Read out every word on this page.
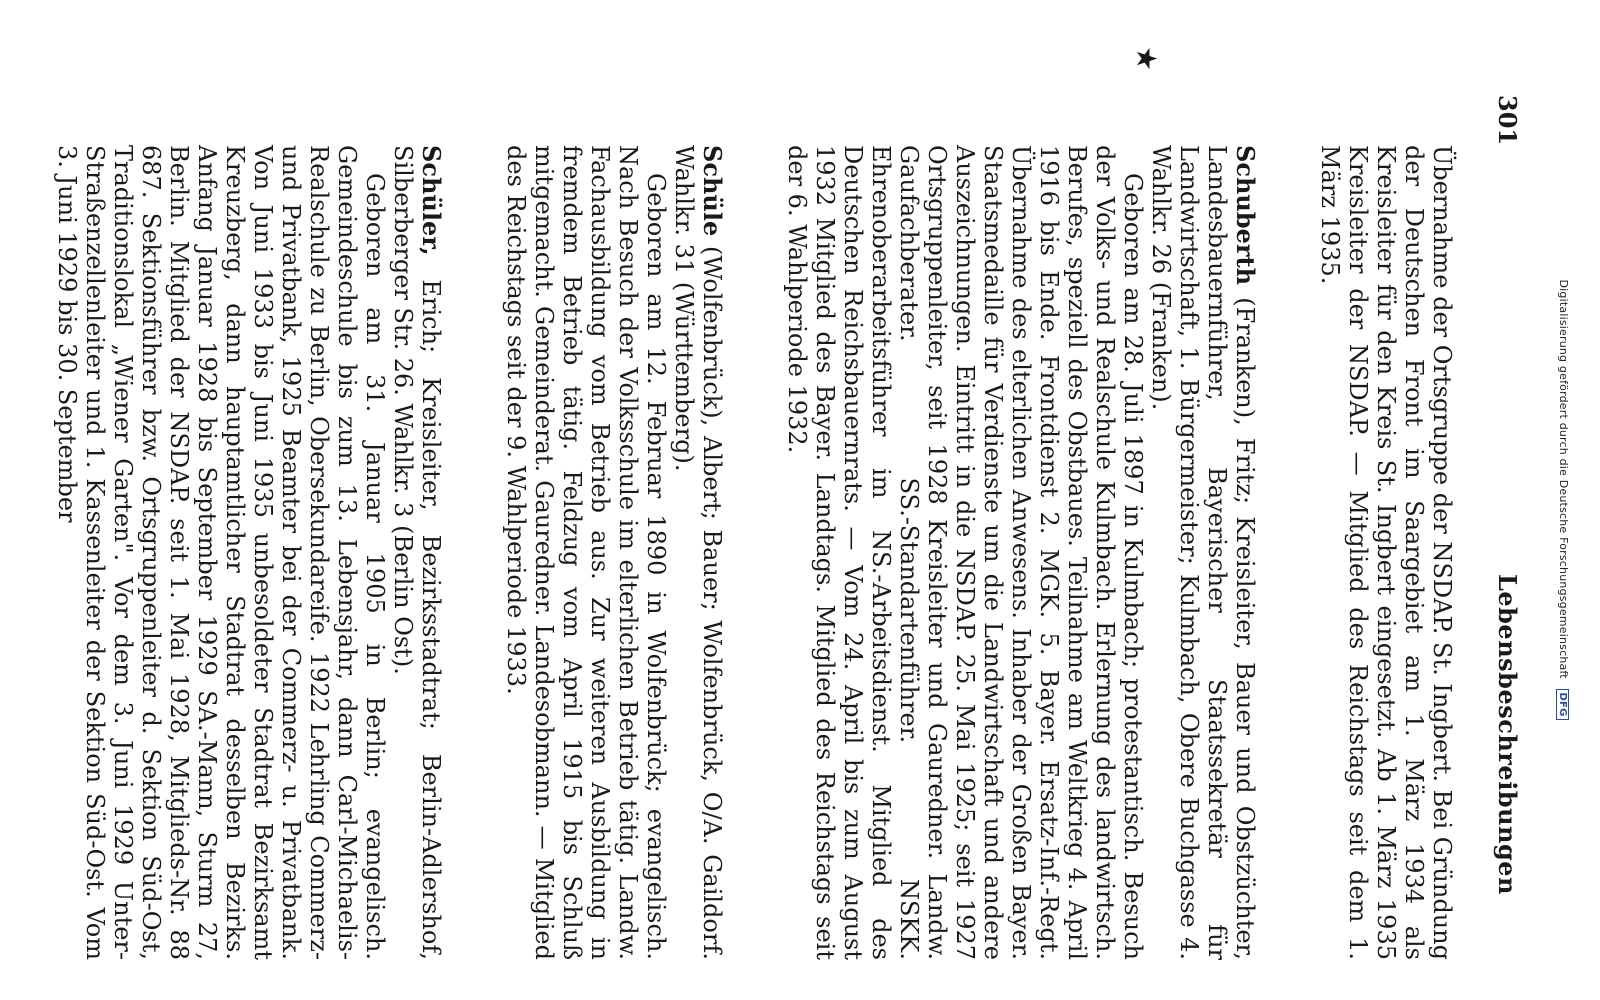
Digitalisierung gefördert durch die Deutsche Forschungsgemeinschaft DFG
301
Lebensbeschreibungen
★

Übernahme der Ortsgruppe der NSDAP. St. Ingbert. Bei Gründung der Deutschen Front im Saargebiet am 1. März 1934 als Kreisleiter für den Kreis St. Ingbert eingesetzt. Ab 1. März 1935 Kreisleiter der NSDAP. — Mitglied des Reichstags seit dem 1. März 1935.

Schuberth (Franken), Fritz; Kreisleiter, Bauer und Obstzüchter, Landesbauernführer, Bayerischer Staatssekretär für Landwirtschaft, 1. Bürgermeister; Kulmbach, Obere Buchgasse 4. Wahlkr. 26 (Franken).

Geboren am 28. Juli 1897 in Kulmbach; protestantisch. Besuch der Volks- und Realschule Kulmbach. Erlernung des landwirtsch. Berufes, speziell des Obstbaues. Teilnahme am Weltkrieg 4. April 1916 bis Ende. Frontdienst 2. MGK. 5. Bayer. Ersatz-Inf.-Regt. Übernahme des elterlichen Anwesens. Inhaber der Großen Bayer. Staatsmedaille für Verdienste um die Landwirtschaft und andere Auszeichnungen. Eintritt in die NSDAP. 25. Mai 1925; seit 1927 Ortsgruppenleiter, seit 1928 Kreisleiter und Gauredner. Landw. Gaufachberater. SS.-Standartenführer. NSKK. Ehrenoberarbeitsführer im NS.-Arbeitsdienst. Mitglied des Deutschen Reichsbauernrats. — Vom 24. April bis zum August 1932 Mitglied des Bayer. Landtags. Mitglied des Reichstags seit der 6. Wahlperiode 1932.

Schüle (Wolfenbrück), Albert; Bauer; Wolfenbrück, O/A. Gaildorf. Wahlkr. 31 (Württemberg).

Geboren am 12. Februar 1890 in Wolfenbrück; evangelisch. Nach Besuch der Volksschule im elterlichen Betrieb tätig. Landw. Fachausbildung vom Betrieb aus. Zur weiteren Ausbildung in fremdem Betrieb tätig. Feldzug vom April 1915 bis Schluß mitgemacht. Gemeinderat. Gauredner. Landesobmann. — Mitglied des Reichstags seit der 9. Wahlperiode 1933.

Schüler, Erich; Kreisleiter, Bezirksstadtrat; Berlin-Adlershof, Silberberger Str. 26. Wahlkr. 3 (Berlin Ost).

Geboren am 31. Januar 1905 in Berlin; evangelisch. Gemeindeschule bis zum 13. Lebensjahr, dann Carl-Michaelis-Realschule zu Berlin, Obersekundareife. 1922 Lehrling Commerz- und Privatbank, 1925 Beamter bei der Commerz- u. Privatbank. Von Juni 1933 bis Juni 1935 unbesoldeter Stadtrat Bezirksamt Kreuzberg, dann hauptamtlicher Stadtrat desselben Bezirks. Anfang Januar 1928 bis September 1929 SA.-Mann, Sturm 27, Berlin. Mitglied der NSDAP. seit 1. Mai 1928, Mitglieds-Nr. 88 687. Sektionsführer bzw. Ortsgruppenleiter d. Sektion Süd-Ost, Traditionslokal „Wiener Garten". Vor dem 3. Juni 1929 Unter-Straßenzellenleiter und 1. Kassenleiter der Sektion Süd-Ost. Vom 3. Juni 1929 bis 30. September
